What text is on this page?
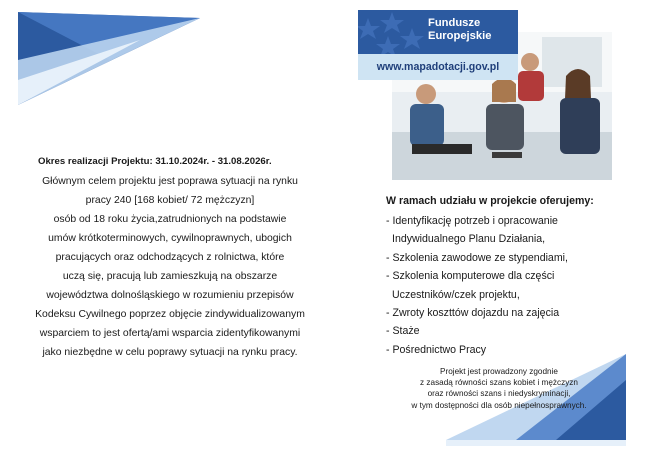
Okres realizacji Projektu: 31.10.2024r. - 31.08.2026r.
Głównym celem projektu jest poprawa sytuacji na rynku
pracy 240 [168 kobiet/ 72 mężczyzn]
osób od 18 roku życia,zatrudnionych na podstawie
umów krótkoterminowych, cywilnoprawnych, ubogich
pracujących oraz odchodzących z rolnictwa, które
uczą się, pracują lub zamieszkują na obszarze
województwa dolnośląskiego w rozumieniu przepisów
Kodeksu Cywilnego poprzez objęcie zindywidualizowanym
wsparciem to jest ofertą/ami wsparcia zidentyfikowanymi
jako niezbędne w celu poprawy sytuacji na rynku pracy.
Fundusze
Europejskie
www.mapadotacji.gov.pl
W ramach udziału w projekcie oferujemy:
- Identyfikację potrzeb i opracowanie
Indywidualnego Planu Działania,
- Szkolenia zawodowe ze stypendiami,
- Szkolenia komputerowe dla części
Uczestników/czek projektu,
- Zwroty koszttów dojazdu na zajęcia
- Staże
- Pośrednictwo Pracy
Projekt jest prowadzony zgodnie
z zasadą równości szans kobiet i mężczyzn
oraz równości szans i niedyskryminacji,
w tym dostępności dla osób niepełnosprawnych.
